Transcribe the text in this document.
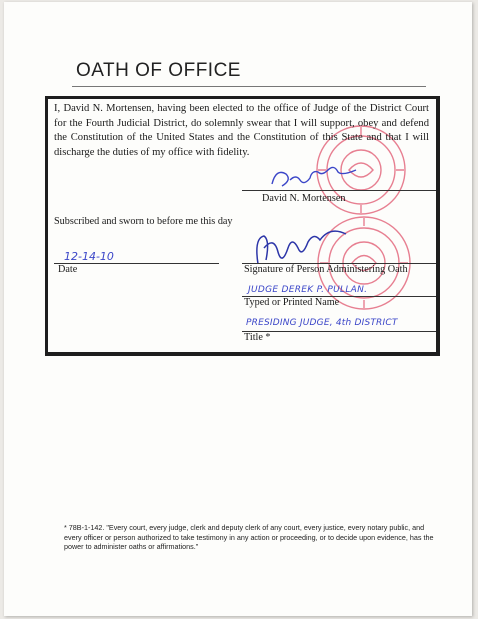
OATH OF OFFICE
I, David N. Mortensen, having been elected to the office of Judge of the District Court for the Fourth Judicial District, do solemnly swear that I will support, obey and defend the Constitution of the United States and the Constitution of this State and that I will discharge the duties of my office with fidelity.
David N. Mortensen
Subscribed and sworn to before me this day
12-14-10
Date	Signature of Person Administering Oath
JUDGE DEREK P. PULLAN.
Typed or Printed Name
PRESIDING JUDGE, 4th DISTRICT
Title *
* 78B-1-142. "Every court, every judge, clerk and deputy clerk of any court, every justice, every notary public, and every officer or person authorized to take testimony in any action or proceeding, or to decide upon evidence, has the power to administer oaths or affirmations."
